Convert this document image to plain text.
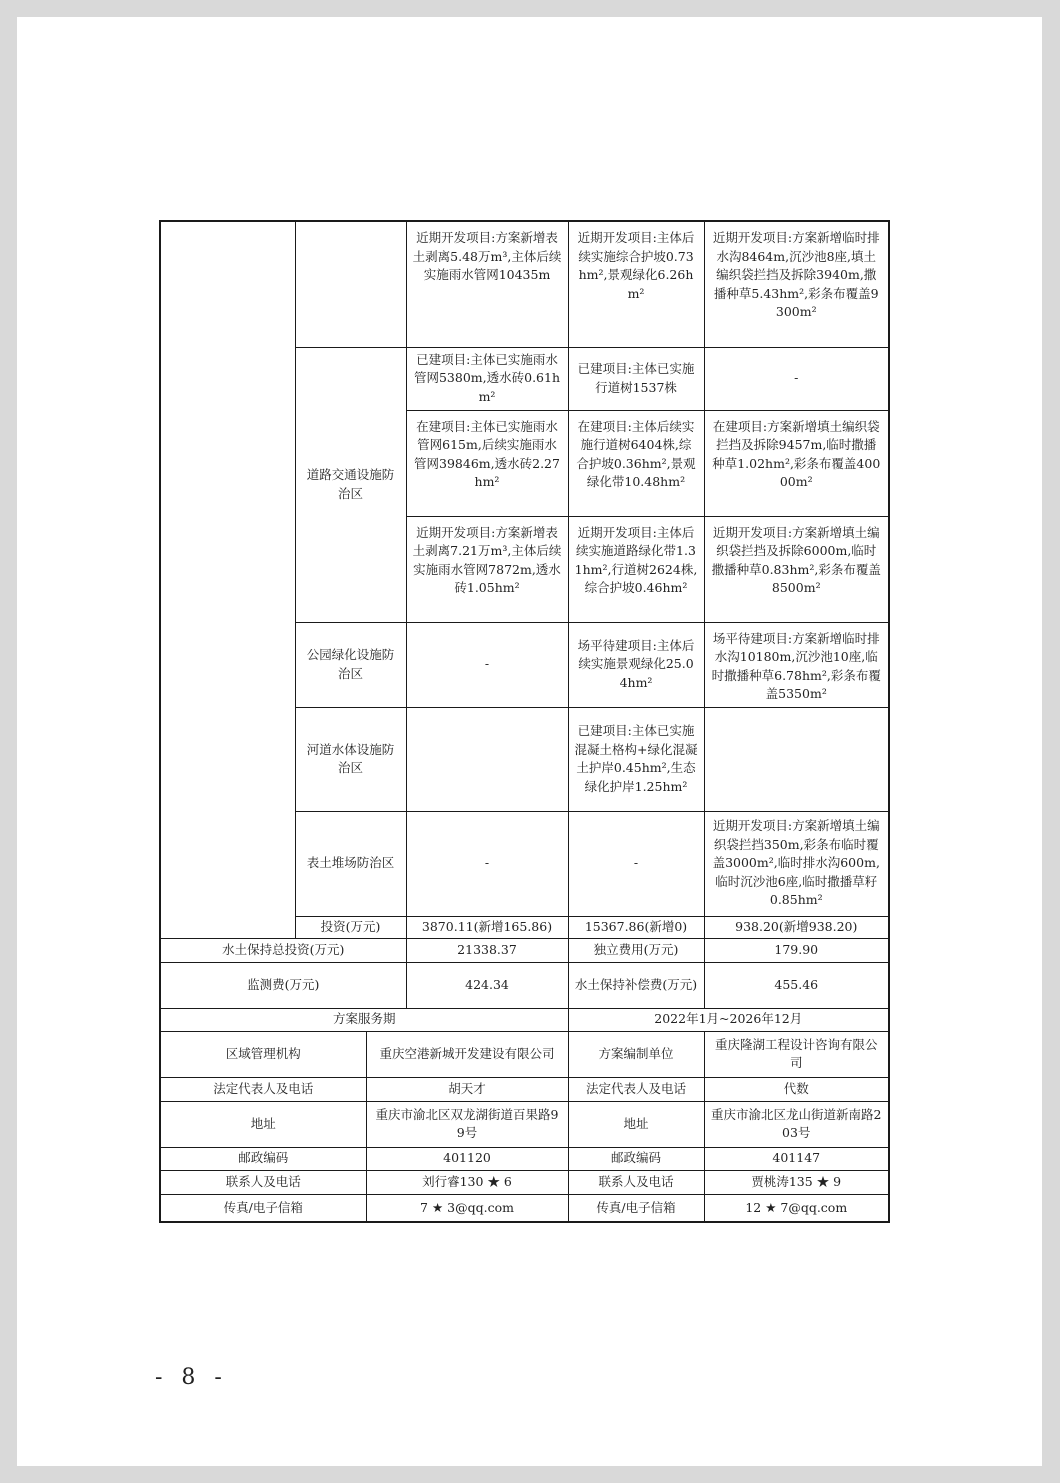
			近期开发项目:方案新增表土剥离5.48万m³,主体后续实施雨水管网10435m	近期开发项目:主体后续实施综合护坡0.73hm²,景观绿化6.26hm²	近期开发项目:方案新增临时排水沟8464m,沉沙池8座,填土编织袋拦挡及拆除3940m,撒播种草5.43hm²,彩条布覆盖9300m²
	道路交通设施防治区		已建项目:主体已实施雨水管网5380m,透水砖0.61hm²	已建项目:主体已实施行道树1537株	-
			在建项目:主体已实施雨水管网615m,后续实施雨水管网39846m,透水砖2.27hm²	在建项目:主体后续实施行道树6404株,综合护坡0.36hm²,景观绿化带10.48hm²	在建项目:方案新增填土编织袋拦挡及拆除9457m,临时撒播种草1.02hm²,彩条布覆盖40000m²
			近期开发项目:方案新增表土剥离7.21万m³,主体后续实施雨水管网7872m,透水砖1.05hm²	近期开发项目:主体后续实施道路绿化带1.31hm²,行道树2624株,综合护坡0.46hm²	近期开发项目:方案新增填土编织袋拦挡及拆除6000m,临时撒播种草0.83hm²,彩条布覆盖8500m²
	公园绿化设施防治区		-	场平待建项目:主体后续实施景观绿化25.04hm²	场平待建项目:方案新增临时排水沟10180m,沉沙池10座,临时撒播种草6.78hm²,彩条布覆盖5350m²
	河道水体设施防治区			已建项目:主体已实施混凝土格构+绿化混凝土护岸0.45hm²,生态绿化护岸1.25hm²	
	表土堆场防治区		-	-	近期开发项目:方案新增填土编织袋拦挡350m,彩条布临时覆盖3000m²,临时排水沟600m,临时沉沙池6座,临时撒播草籽0.85hm²
	投资(万元)		3870.11(新增165.86)	15367.86(新增0)	938.20(新增938.20)

水土保持总投资(万元)			21338.37	独立费用(万元)	179.90
监测费(万元)			424.34	水土保持补偿费(万元)	455.46
方案服务期				2022年1月~2026年12月	
区域管理机构		重庆空港新城开发建设有限公司		方案编制单位	重庆隆湖工程设计咨询有限公司
法定代表人及电话		胡天才		法定代表人及电话	代数
地址		重庆市渝北区双龙湖街道百果路99号		地址	重庆市渝北区龙山街道新南路203号
邮政编码		401120		邮政编码	401147
联系人及电话		刘行睿130 ★ 6		联系人及电话	贾桃涛135 ★ 9
传真/电子信箱		7 ★ 3@qq.com		传真/电子信箱	12 ★ 7@qq.com
- 8 -
